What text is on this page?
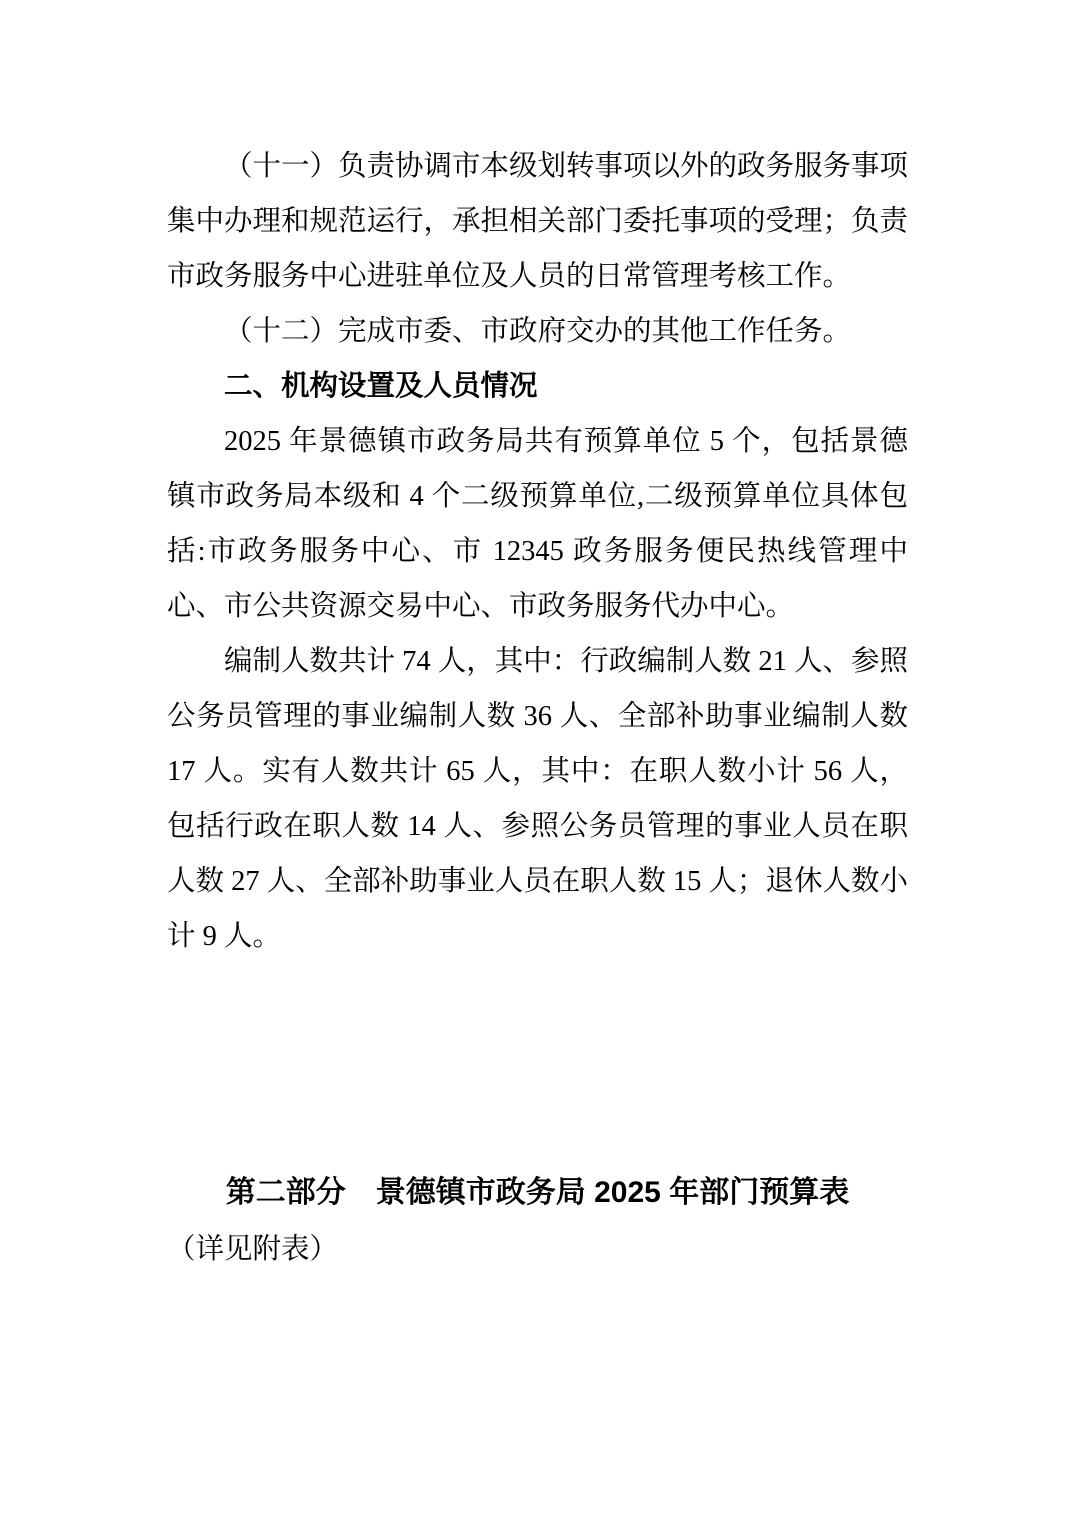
（十一）负责协调市本级划转事项以外的政务服务事项集中办理和规范运行，承担相关部门委托事项的受理；负责市政务服务中心进驻单位及人员的日常管理考核工作。

（十二）完成市委、市政府交办的其他工作任务。

二、机构设置及人员情况

2025 年景德镇市政务局共有预算单位 5 个，包括景德镇市政务局本级和 4 个二级预算单位,二级预算单位具体包括:市政务服务中心、市 12345 政务服务便民热线管理中心、市公共资源交易中心、市政务服务代办中心。

编制人数共计 74 人，其中：行政编制人数 21 人、参照公务员管理的事业编制人数 36 人、全部补助事业编制人数 17 人。实有人数共计 65 人，其中：在职人数小计 56 人，包括行政在职人数 14 人、参照公务员管理的事业人员在职人数 27 人、全部补助事业人员在职人数 15 人；退休人数小计 9 人。

第二部分　景德镇市政务局 2025 年部门预算表

（详见附表）
